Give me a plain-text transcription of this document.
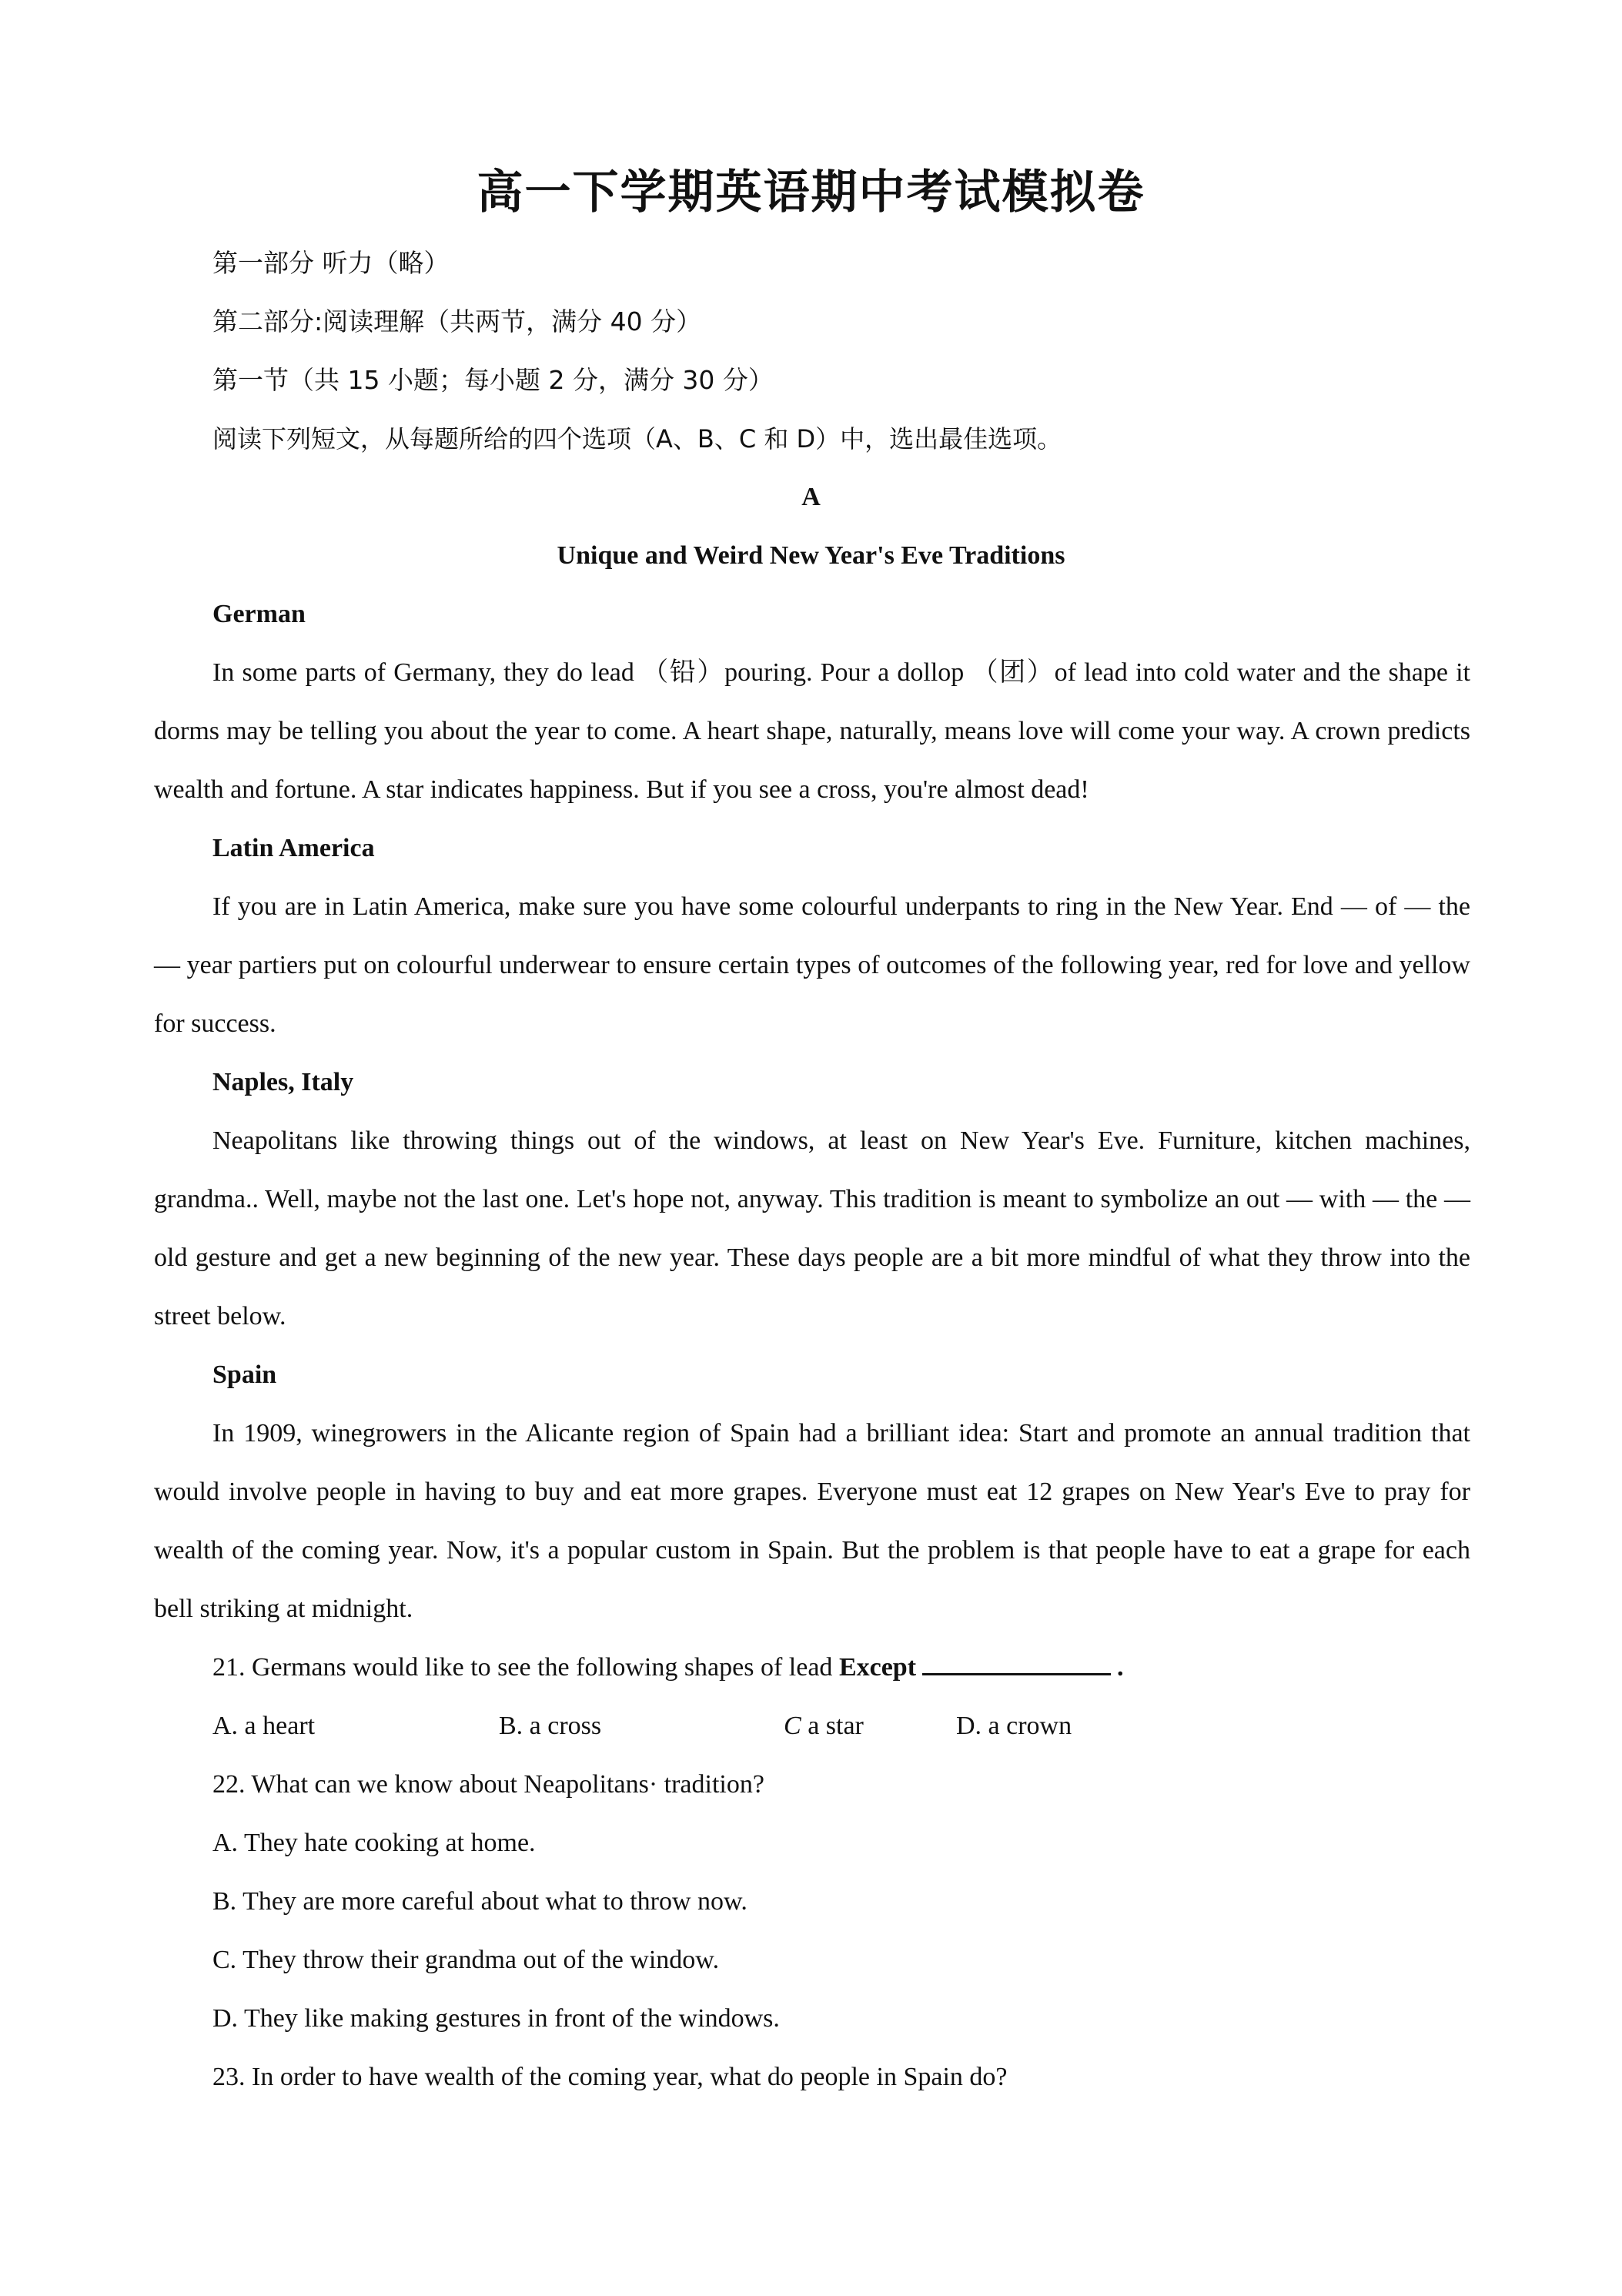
高一下学期英语期中考试模拟卷
第一部分 听力（略）
第二部分:阅读理解（共两节，满分 40 分）
第一节（共 15 小题；每小题 2 分，满分 30 分）
阅读下列短文，从每题所给的四个选项（A、B、C 和 D）中，选出最佳选项。
A
Unique and Weird New Year's Eve Traditions
German
In some parts of Germany, they do lead （铅）pouring. Pour a dollop （团）of lead into cold water and the shape it dorms may be telling you about the year to come. A heart shape, naturally, means love will come your way. A crown predicts wealth and fortune. A star indicates happiness. But if you see a cross, you're almost dead!
Latin America
If you are in Latin America, make sure you have some colourful underpants to ring in the New Year. End — of — the — year partiers put on colourful underwear to ensure certain types of outcomes of the following year, red for love and yellow for success.
Naples, Italy
Neapolitans like throwing things out of the windows, at least on New Year's Eve. Furniture, kitchen machines, grandma.. Well, maybe not the last one. Let's hope not, anyway. This tradition is meant to symbolize an out — with — the — old gesture and get a new beginning of the new year. These days people are a bit more mindful of what they throw into the street below.
Spain
In 1909, winegrowers in the Alicante region of Spain had a brilliant idea: Start and promote an annual tradition that would involve people in having to buy and eat more grapes. Everyone must eat 12 grapes on New Year's Eve to pray for wealth of the coming year. Now, it's a popular custom in Spain. But the problem is that people have to eat a grape for each bell striking at midnight.
21. Germans would like to see the following shapes of lead Except	.
A. a heart	B. a cross	C a star	D. a crown
22. What can we know about Neapolitans· tradition?
A. They hate cooking at home.
B. They are more careful about what to throw now.
C. They throw their grandma out of the window.
D. They like making gestures in front of the windows.
23. In order to have wealth of the coming year, what do people in Spain do?
